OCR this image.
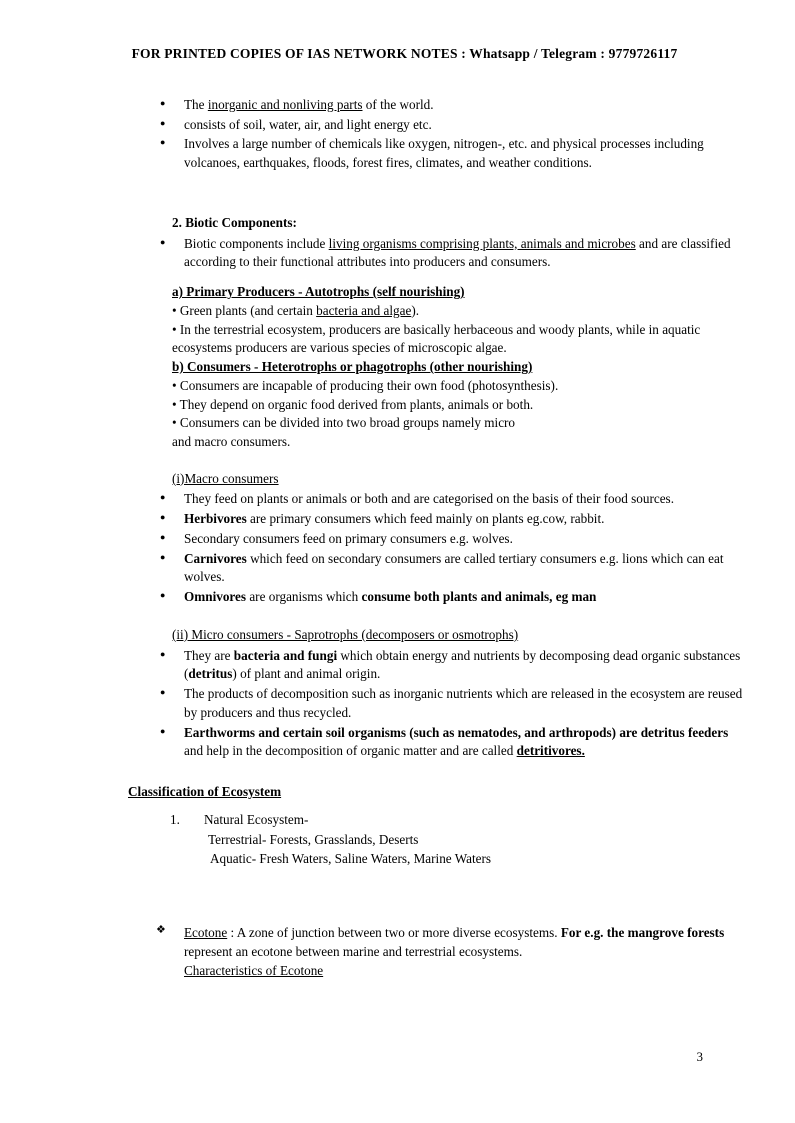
FOR PRINTED COPIES OF IAS NETWORK NOTES : Whatsapp / Telegram : 9779726117
● The inorganic and nonliving parts of the world.
● consists of soil, water, air, and light energy etc.
● Involves a large number of chemicals like oxygen, nitrogen-, etc. and physical processes including volcanoes, earthquakes, floods, forest fires, climates, and weather conditions.
2. Biotic Components:
● Biotic components include living organisms comprising plants, animals and microbes and are classified according to their functional attributes into producers and consumers.
a) Primary Producers - Autotrophs (self nourishing)
• Green plants (and certain bacteria and algae).
• In the terrestrial ecosystem, producers are basically herbaceous and woody plants, while in aquatic ecosystems producers are various species of microscopic algae.
b) Consumers - Heterotrophs or phagotrophs (other nourishing)
• Consumers are incapable of producing their own food (photosynthesis).
• They depend on organic food derived from plants, animals or both.
• Consumers can be divided into two broad groups namely micro
and macro consumers.
(i)Macro consumers
● They feed on plants or animals or both and are categorised on the basis of their food sources.
● Herbivores are primary consumers which feed mainly on plants eg.cow, rabbit.
● Secondary consumers feed on primary consumers e.g. wolves.
● Carnivores which feed on secondary consumers are called tertiary consumers e.g. lions which can eat wolves.
● Omnivores are organisms which consume both plants and animals, eg man
(ii) Micro consumers - Saprotrophs (decomposers or osmotrophs)
● They are bacteria and fungi which obtain energy and nutrients by decomposing dead organic substances (detritus) of plant and animal origin.
● The products of decomposition such as inorganic nutrients which are released in the ecosystem are reused by producers and thus recycled.
● Earthworms and certain soil organisms (such as nematodes, and arthropods) are detritus feeders and help in the decomposition of organic matter and are called detritivores.
Classification of Ecosystem
1. Natural Ecosystem-
Terrestrial- Forests, Grasslands, Deserts
Aquatic- Fresh Waters, Saline Waters, Marine Waters
❖ Ecotone : A zone of junction between two or more diverse ecosystems. For e.g. the mangrove forests represent an ecotone between marine and terrestrial ecosystems.
Characteristics of Ecotone
3
